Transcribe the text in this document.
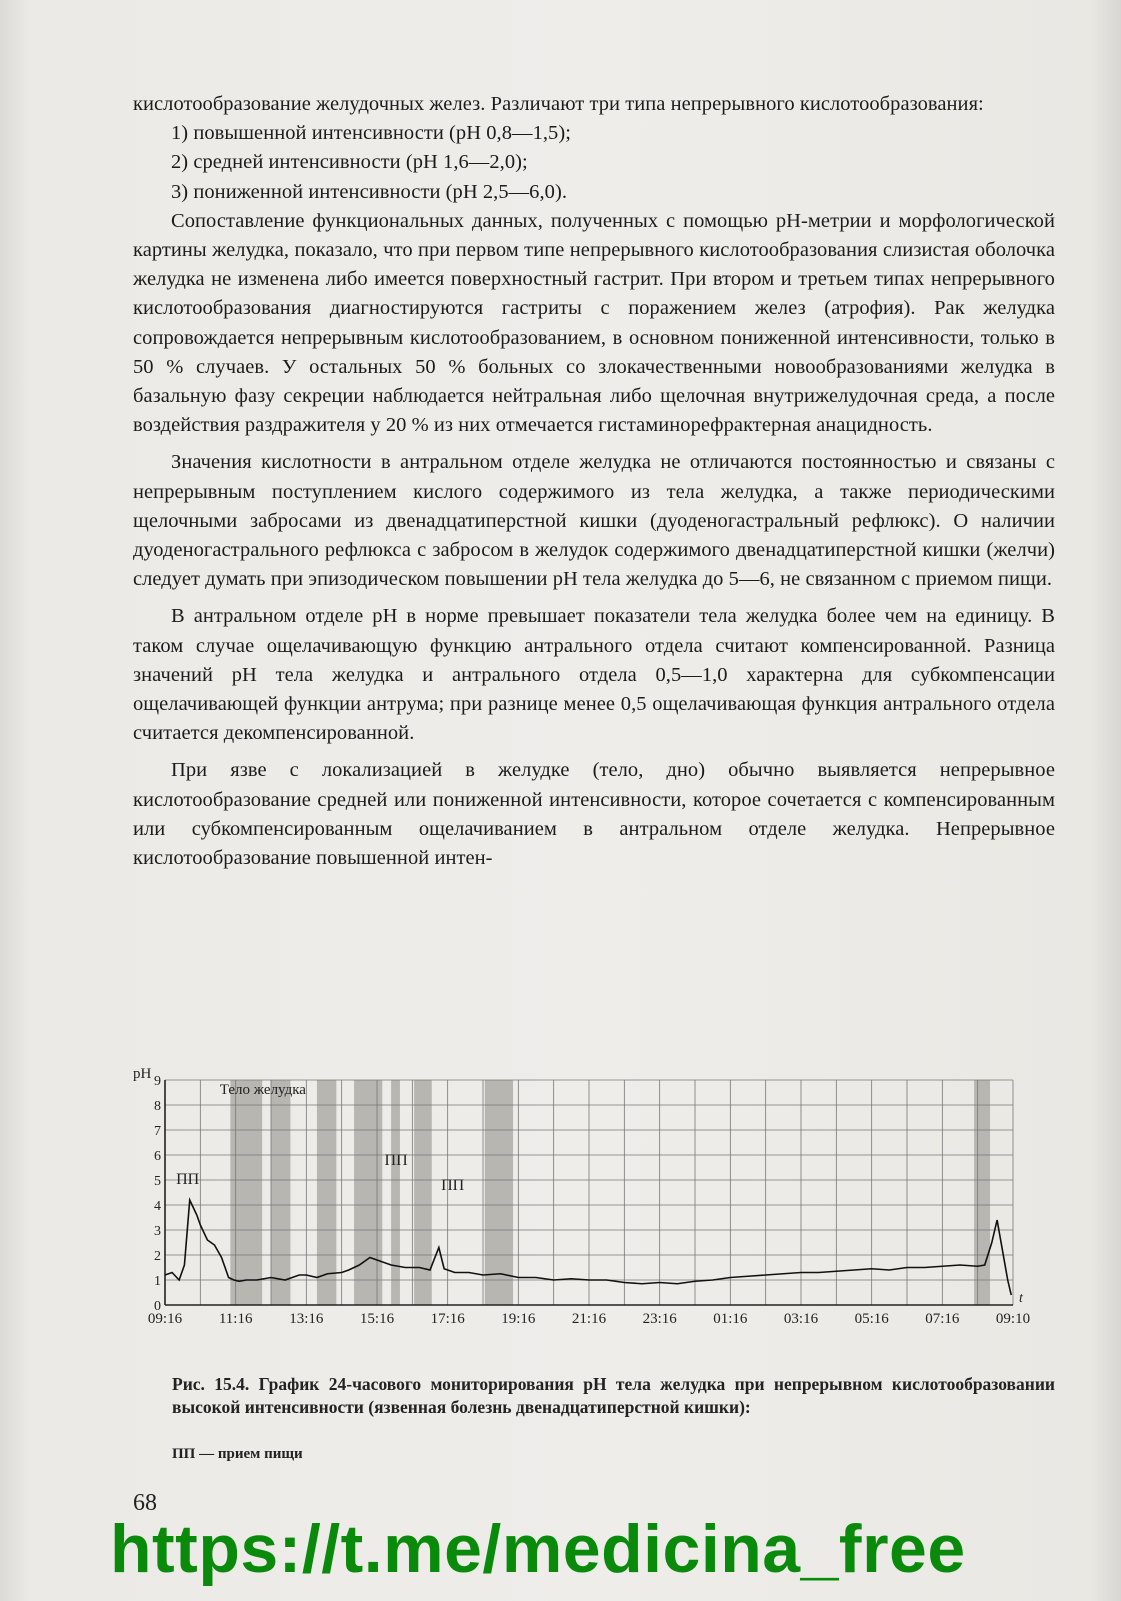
кислотообразование желудочных желез. Различают три типа непрерывного кислотообразования:

1) повышенной интенсивности (pH 0,8—1,5);
2) средней интенсивности (pH 1,6—2,0);
3) пониженной интенсивности (pH 2,5—6,0).

Сопоставление функциональных данных, полученных с помощью pH-метрии и морфологической картины желудка, показало, что при первом типе непрерывного кислотообразования слизистая оболочка желудка не изменена либо имеется поверхностный гастрит. При втором и третьем типах непрерывного кислотообразования диагностируются гастриты с поражением желез (атрофия). Рак желудка сопровождается непрерывным кислотообразованием, в основном пониженной интенсивности, только в 50 % случаев. У остальных 50 % больных со злокачественными новообразованиями желудка в базальную фазу секреции наблюдается нейтральная либо щелочная внутрижелудочная среда, а после воздействия раздражителя у 20 % из них отмечается гистаминорефрактерная анацидность.

Значения кислотности в антральном отделе желудка не отличаются постоянностью и связаны с непрерывным поступлением кислого содержимого из тела желудка, а также периодическими щелочными забросами из двенадцатиперстной кишки (дуоденогастральный рефлюкс). О наличии дуоденогастрального рефлюкса с забросом в желудок содержимого двенадцатиперстной кишки (желчи) следует думать при эпизодическом повышении pH тела желудка до 5—6, не связанном с приемом пищи.

В антральном отделе pH в норме превышает показатели тела желудка более чем на единицу. В таком случае ощелачивающую функцию антрального отдела считают компенсированной. Разница значений pH тела желудка и антрального отдела 0,5—1,0 характерна для субкомпенсации ощелачивающей функции антрума; при разнице менее 0,5 ощелачивающая функция антрального отдела считается декомпенсированной.

При язве с локализацией в желудке (тело, дно) обычно выявляется непрерывное кислотообразование средней или пониженной интенсивности, которое сочетается с компенсированным или субкомпенсированным ощелачиванием в антральном отделе желудка. Непрерывное кислотообразование повышенной интен-

0
1
2
3
4
5
6
7
8
9
pH
09:16 11:16 13:16 15:16 17:16 19:16 21:16 23:16 01:16 03:16 05:16 07:16 09:10
t
Тело желудка
ПП
ПП
ПП
Рис. 15.4. График 24-часового мониторирования pH тела желудка при непрерывном кислотообразовании высокой интенсивности (язвенная болезнь двенадцатиперстной кишки):
ПП — прием пищи
68
https://t.me/medicina_free
